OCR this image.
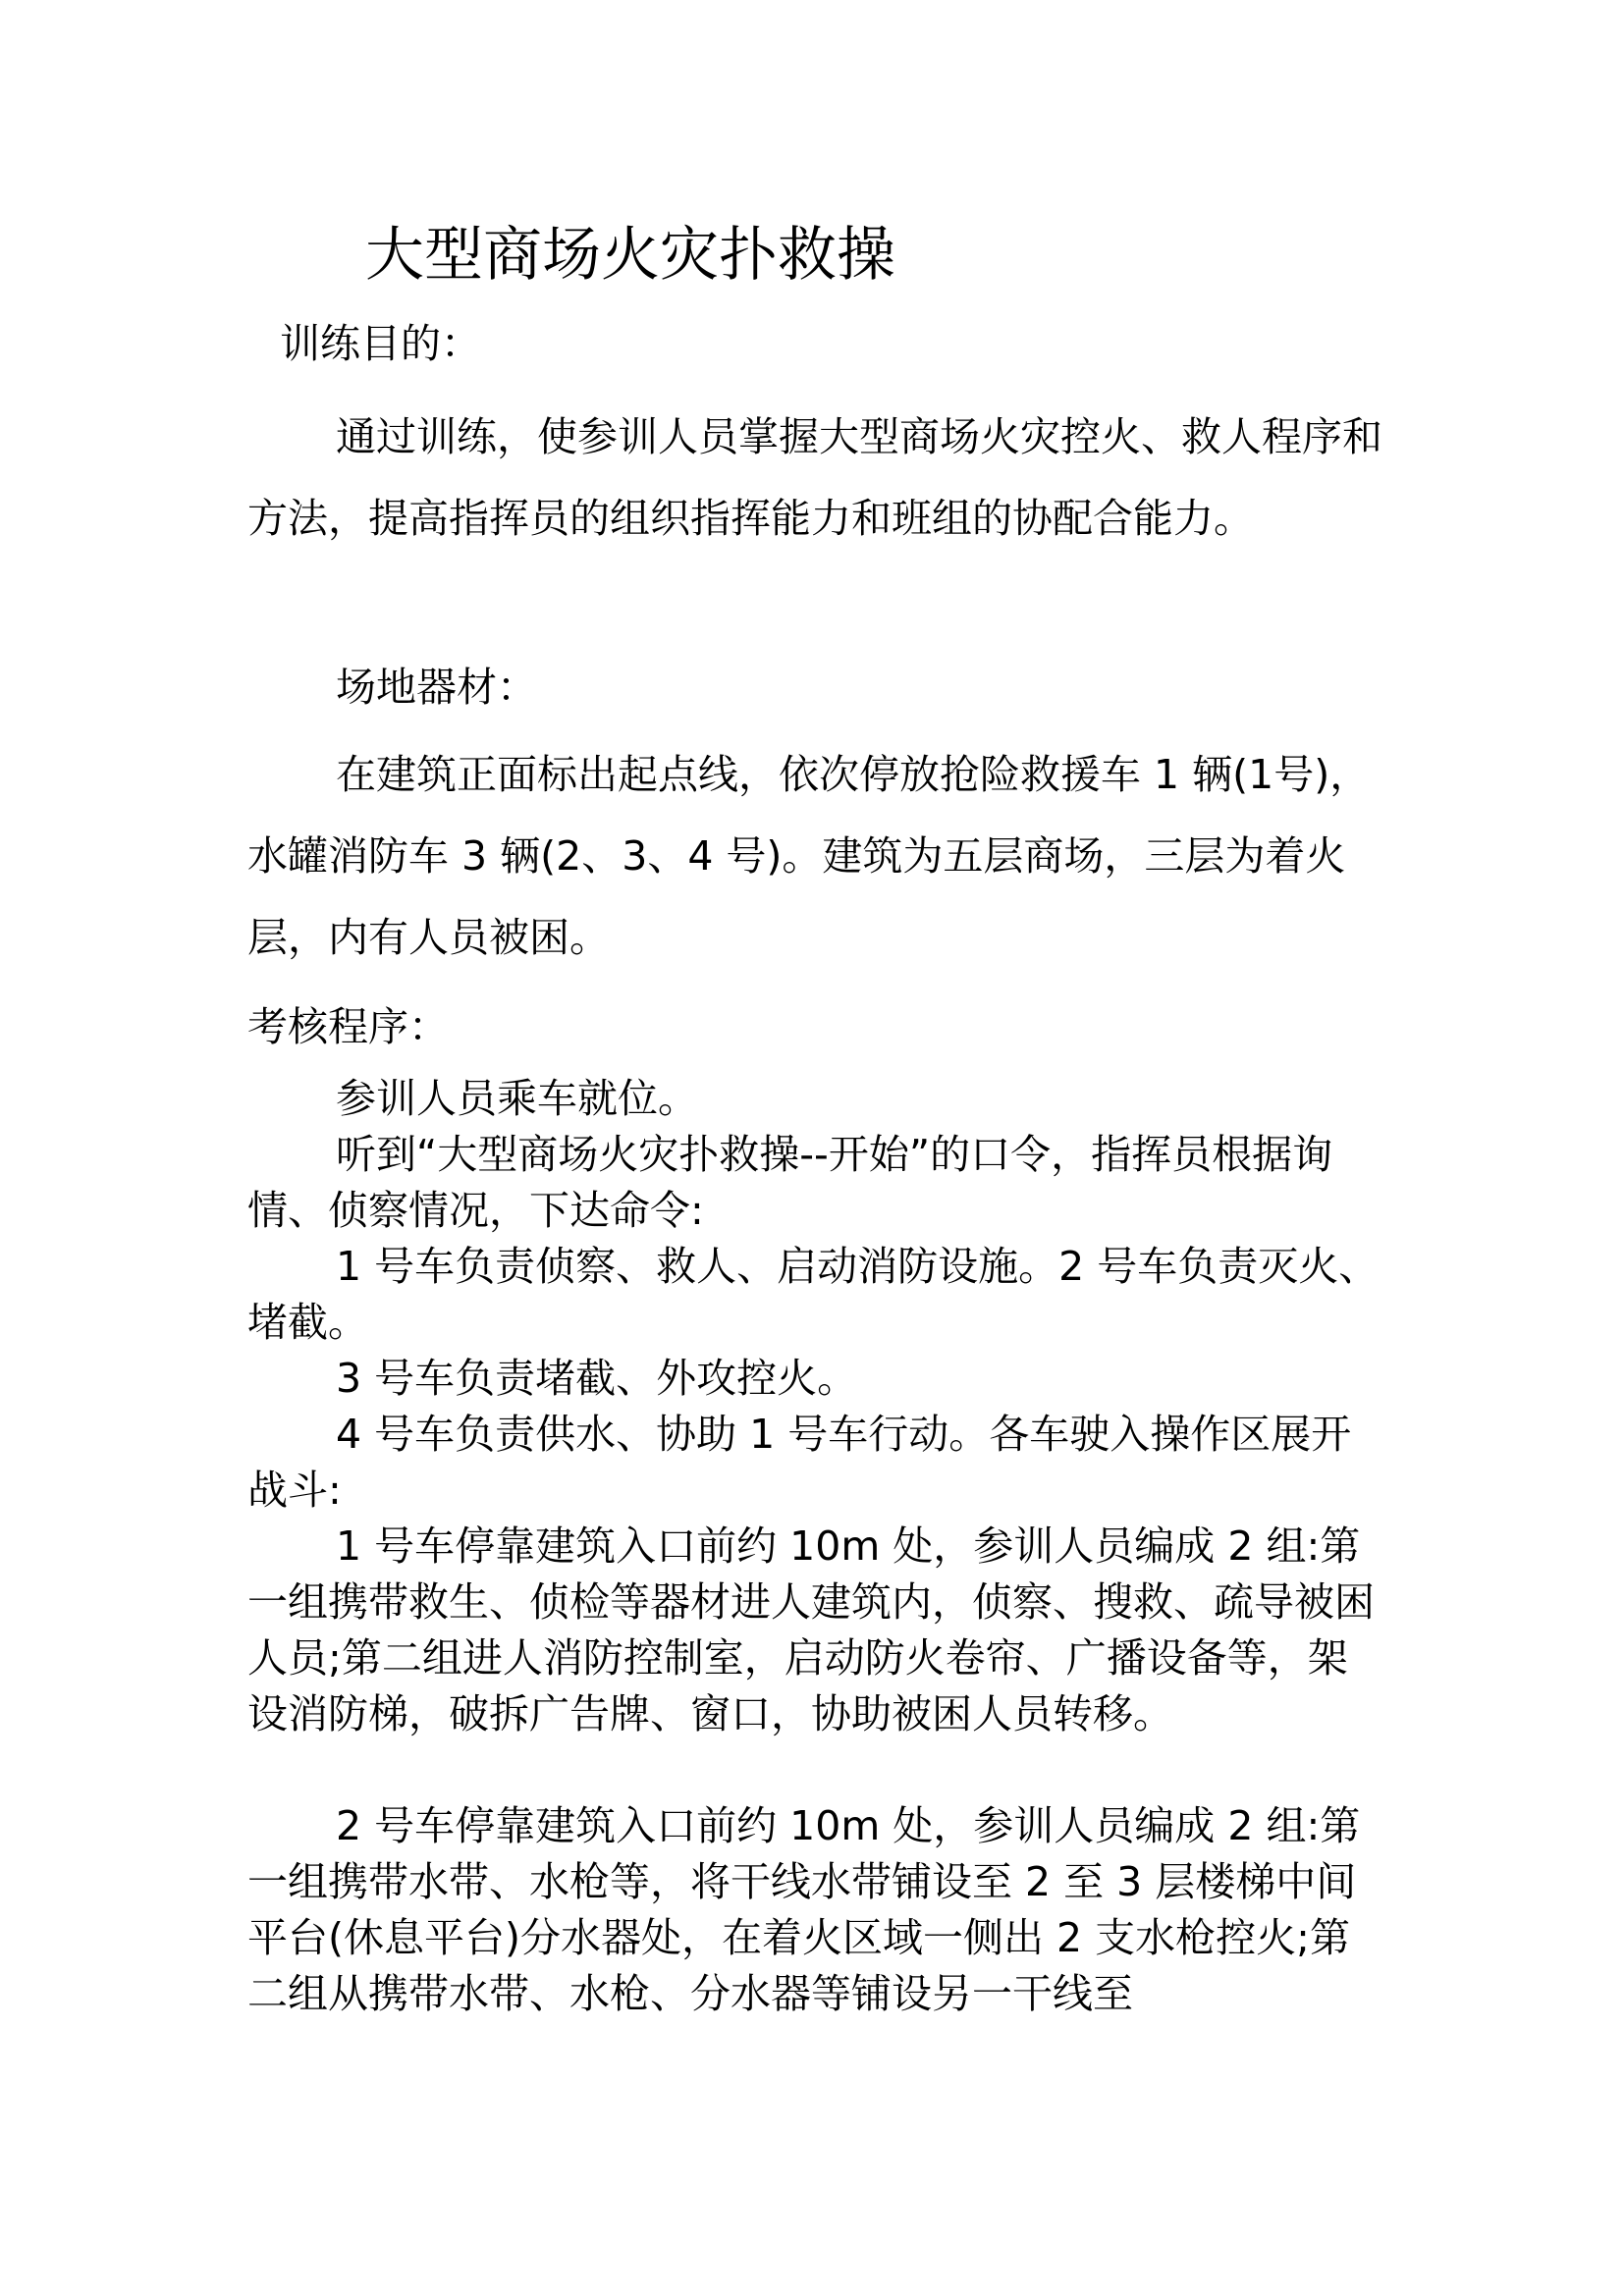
大型商场火灾扑救操

训练目的：

通过训练，使参训人员掌握大型商场火灾控火、救人程序和方法，提高指挥员的组织指挥能力和班组的协配合能力。

场地器材：

在建筑正面标出起点线，依次停放抢险救援车 1 辆(1号)，水罐消防车 3 辆(2、3、4 号)。建筑为五层商场，三层为着火层，内有人员被困。

考核程序：

参训人员乘车就位。

听到“大型商场火灾扑救操--开始”的口令，指挥员根据询情、侦察情况，下达命令:

1 号车负责侦察、救人、启动消防设施。2 号车负责灭火、堵截。

3 号车负责堵截、外攻控火。

4 号车负责供水、协助 1 号车行动。各车驶入操作区展开战斗:

1 号车停靠建筑入口前约 10m 处，参训人员编成 2 组:第一组携带救生、侦检等器材进人建筑内，侦察、搜救、疏导被困人员;第二组进人消防控制室，启动防火卷帘、广播设备等，架设消防梯，破拆广告牌、窗口，协助被困人员转移。

2 号车停靠建筑入口前约 10m 处，参训人员编成 2 组:第一组携带水带、水枪等，将干线水带铺设至 2 至 3 层楼梯中间平台(休息平台)分水器处，在着火区域一侧出 2 支水枪控火;第二组从携带水带、水枪、分水器等铺设另一干线至
